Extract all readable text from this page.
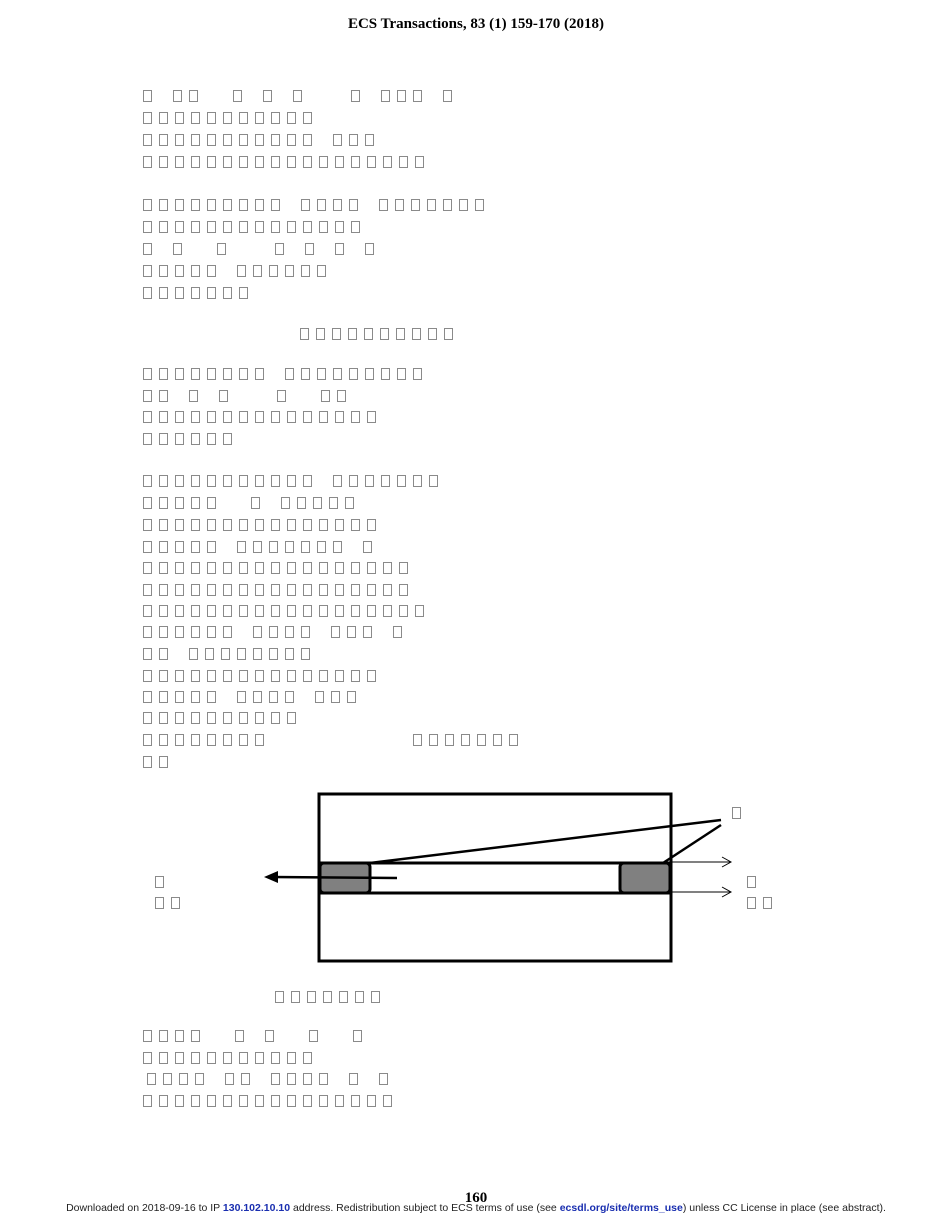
ECS Transactions, 83 (1) 159-170 (2018)
160
Downloaded on 2018-09-16 to IP 130.102.10.10 address. Redistribution subject to ECS terms of use (see ecsdl.org/site/terms_use) unless CC License in place (see abstract).
